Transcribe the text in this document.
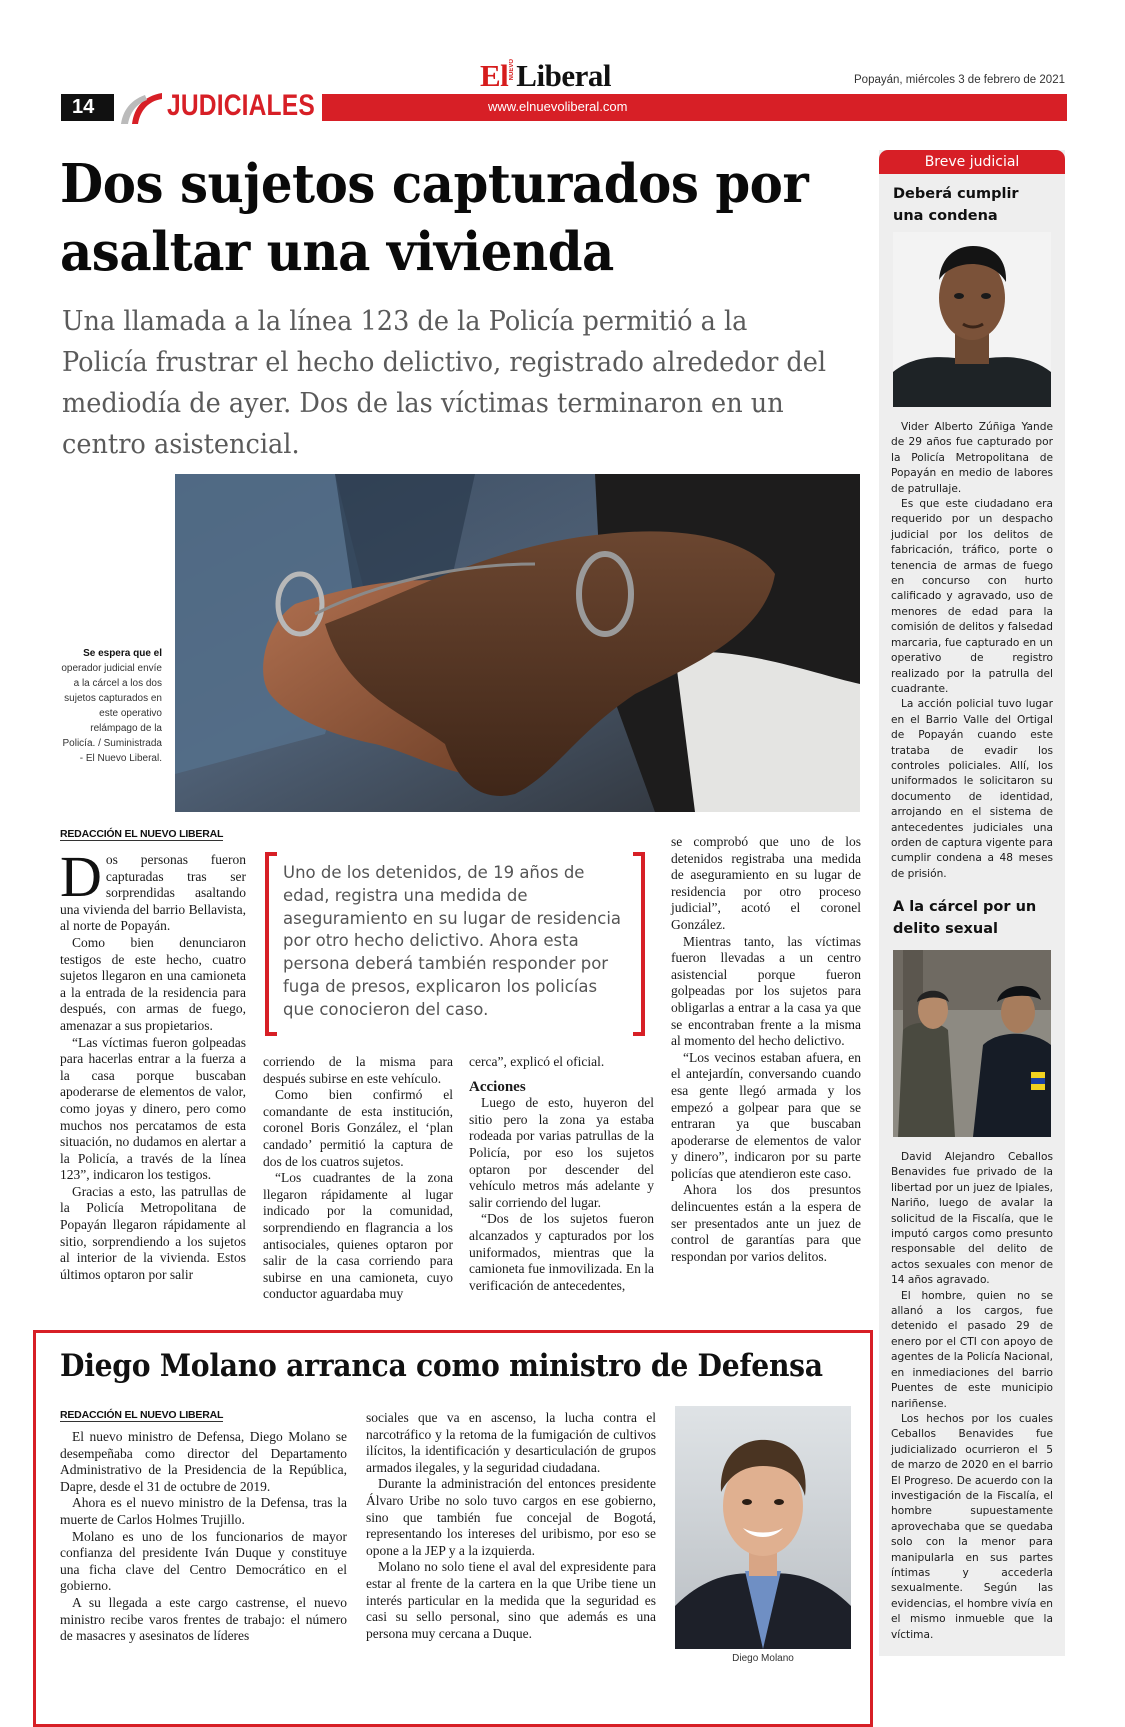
ElNUEVOLiberal	Popayán, miércoles 3 de febrero de 2021
www.elnuevoliberal.com
14	JUDICIALES
Dos sujetos capturados por asaltar una vivienda
Una llamada a la línea 123 de la Policía permitió a la Policía frustrar el hecho delictivo, registrado alrededor del mediodía de ayer. Dos de las víctimas terminaron en un centro asistencial.
Se espera que el operador judicial envíe a la cárcel a los dos sujetos capturados en este operativo relámpago de la Policía. / Suministrada - El Nuevo Liberal.
REDACCIÓN EL NUEVO LIBERAL

Dos personas fueron capturadas tras ser sorprendidas asaltando una vivienda del barrio Bellavista, al norte de Popayán.

Como bien denunciaron testigos de este hecho, cuatro sujetos llegaron en una camioneta a la entrada de la residencia para después, con armas de fuego, amenazar a sus propietarios.

“Las víctimas fueron golpeadas para hacerlas entrar a la fuerza a la casa porque buscaban apoderarse de elementos de valor, como joyas y dinero, pero como muchos nos percatamos de esta situación, no dudamos en alertar a la Policía, a través de la línea 123”, indicaron los testigos.

Gracias a esto, las patrullas de la Policía Metropolitana de Popayán llegaron rápidamente al sitio, sorprendiendo a los sujetos al interior de la vivienda. Estos últimos optaron por salir

Uno de los detenidos, de 19 años de edad, registra una medida de aseguramiento en su lugar de residencia por otro hecho delictivo. Ahora esta persona deberá también responder por fuga de presos, explicaron los policías que conocieron del caso.

corriendo de la misma para después subirse en este vehículo.

Como bien confirmó el comandante de esta institución, coronel Boris González, el ‘plan candado’ permitió la captura de dos de los cuatros sujetos.

“Los cuadrantes de la zona llegaron rápidamente al lugar indicado por la comunidad, sorprendiendo en flagrancia a los antisociales, quienes optaron por salir de la casa corriendo para subirse en una camioneta, cuyo conductor aguardaba muy

cerca”, explicó el oficial.

Acciones

Luego de esto, huyeron del sitio pero la zona ya estaba rodeada por varias patrullas de la Policía, por eso los sujetos optaron por descender del vehículo metros más adelante y salir corriendo del lugar.

“Dos de los sujetos fueron alcanzados y capturados por los uniformados, mientras que la camioneta fue inmovilizada. En la verificación de antecedentes,

se comprobó que uno de los detenidos registraba una medida de aseguramiento en su lugar de residencia por otro proceso judicial”, acotó el coronel González.

Mientras tanto, las víctimas fueron llevadas a un centro asistencial porque fueron golpeadas por los sujetos para obligarlas a entrar a la casa ya que se encontraban frente a la misma al momento del hecho delictivo.

“Los vecinos estaban afuera, en el antejardín, conversando cuando esa gente llegó armada y los empezó a golpear para que se entraran ya que buscaban apoderarse de elementos de valor y dinero”, indicaron por su parte policías que atendieron este caso.

Ahora los dos presuntos delincuentes están a la espera de ser presentados ante un juez de control de garantías para que respondan por varios delitos.

Breve judicial
Deberá cumplir una condena

Vider Alberto Zúñiga Yande de 29 años fue capturado por la Policía Metropolitana de Popayán en medio de labores de patrullaje.

Es que este ciudadano era requerido por un despacho judicial por los delitos de fabricación, tráfico, porte o tenencia de armas de fuego en concurso con hurto calificado y agravado, uso de menores de edad para la comisión de delitos y falsedad marcaria, fue capturado en un operativo de registro realizado por la patrulla del cuadrante.

La acción policial tuvo lugar en el Barrio Valle del Ortigal de Popayán cuando este trataba de evadir los controles policiales. Allí, los uniformados le solicitaron su documento de identidad, arrojando en el sistema de antecedentes judiciales una orden de captura vigente para cumplir condena a 48 meses de prisión.

A la cárcel por un delito sexual

David Alejandro Ceballos Benavides fue privado de la libertad por un juez de Ipiales, Nariño, luego de avalar la solicitud de la Fiscalía, que le imputó cargos como presunto responsable del delito de actos sexuales con menor de 14 años agravado.

El hombre, quien no se allanó a los cargos, fue detenido el pasado 29 de enero por el CTI con apoyo de agentes de la Policía Nacional, en inmediaciones del barrio Puentes de este municipio nariñense.

Los hechos por los cuales Ceballos Benavides fue judicializado ocurrieron el 5 de marzo de 2020 en el barrio El Progreso. De acuerdo con la investigación de la Fiscalía, el hombre supuestamente aprovechaba que se quedaba solo con la menor para manipularla en sus partes íntimas y accederla sexualmente. Según las evidencias, el hombre vivía en el mismo inmueble que la víctima.

Diego Molano arranca como ministro de Defensa
REDACCIÓN EL NUEVO LIBERAL

El nuevo ministro de Defensa, Diego Molano se desempeñaba como director del Departamento Administrativo de la Presidencia de la República, Dapre, desde el 31 de octubre de 2019.

Ahora es el nuevo ministro de la Defensa, tras la muerte de Carlos Holmes Trujillo.

Molano es uno de los funcionarios de mayor confianza del presidente Iván Duque y constituye una ficha clave del Centro Democrático en el gobierno.

A su llegada a este cargo castrense, el nuevo ministro recibe varos frentes de trabajo: el número de masacres y asesinatos de líderes

sociales que va en ascenso, la lucha contra el narcotráfico y la retoma de la fumigación de cultivos ilícitos, la identificación y desarticulación de grupos armados ilegales, y la seguridad ciudadana.

Durante la administración del entonces presidente Álvaro Uribe no solo tuvo cargos en ese gobierno, sino que también fue concejal de Bogotá, representando los intereses del uribismo, por eso se opone a la JEP y a la izquierda.

Molano no solo tiene el aval del expresidente para estar al frente de la cartera en la que Uribe tiene un interés particular en la medida que la seguridad es casi su sello personal, sino que además es una persona muy cercana a Duque.

Diego Molano
